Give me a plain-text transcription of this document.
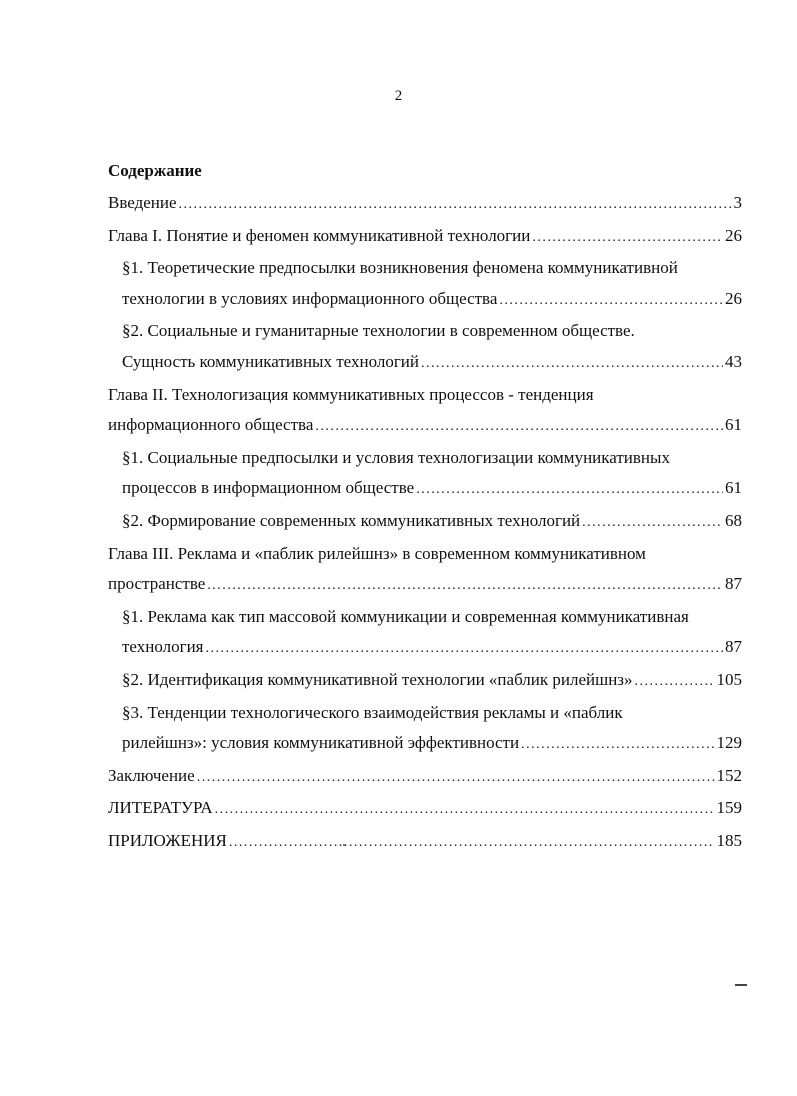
2
Содержание
Введение .....	3
Глава I. Понятие и феномен коммуникативной технологии .....	26
§1. Теоретические предпосылки возникновения феномена коммуникативной
технологии в условиях информационного общества .....	26
§2. Социальные и гуманитарные технологии в современном обществе.
Сущность коммуникативных технологий .....	43
Глава II. Технологизация коммуникативных процессов - тенденция
информационного общества .....	61
§1. Социальные предпосылки и условия технологизации коммуникативных
процессов в информационном обществе .....	61
§2. Формирование современных коммуникативных технологий .....	68
Глава III. Реклама и «паблик рилейшнз» в современном коммуникативном
пространстве .....	87
§1. Реклама как тип массовой коммуникации и современная коммуникативная
технология .....	87
§2. Идентификация коммуникативной технологии «паблик рилейшнз» .....	105
§3. Тенденции технологического взаимодействия рекламы и «паблик
рилейшнз»: условия коммуникативной эффективности .....	129
Заключение .....	152
ЛИТЕРАТУРА .....	159
ПРИЛОЖЕНИЯ .....	185
